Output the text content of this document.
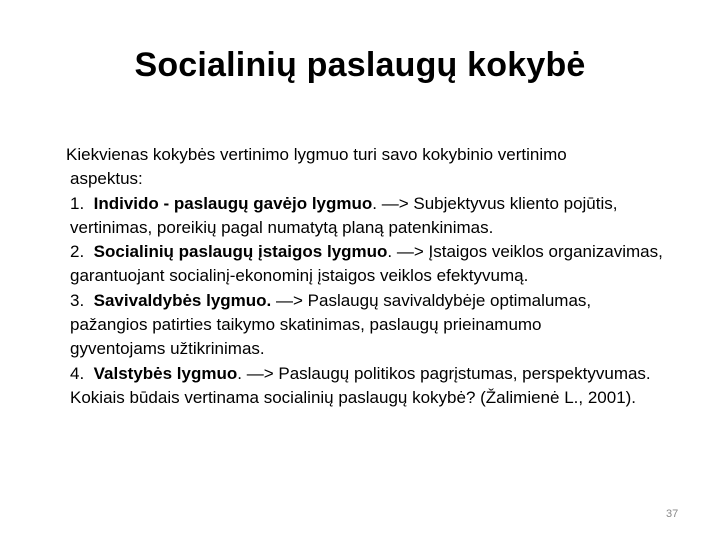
Socialinių paslaugų kokybė
Kiekvienas kokybės vertinimo lygmuo turi savo kokybinio vertinimo
aspektus:
1. Individo - paslaugų gavėjo lygmuo. —> Subjektyvus kliento pojūtis,
vertinimas, poreikių pagal numatytą planą patenkinimas.
2. Socialinių paslaugų įstaigos lygmuo. —> Įstaigos veiklos organizavimas,
garantuojant socialinį-ekonominį įstaigos veiklos efektyvumą.
3. Savivaldybės lygmuo. —> Paslaugų savivaldybėje optimalumas,
pažangios patirties taikymo skatinimas, paslaugų prieinamumo
gyventojams užtikrinimas.
4. Valstybės lygmuo. —> Paslaugų politikos pagrįstumas, perspektyvumas.
Kokiais būdais vertinama socialinių paslaugų kokybė? (Žalimienė L., 2001).
37
